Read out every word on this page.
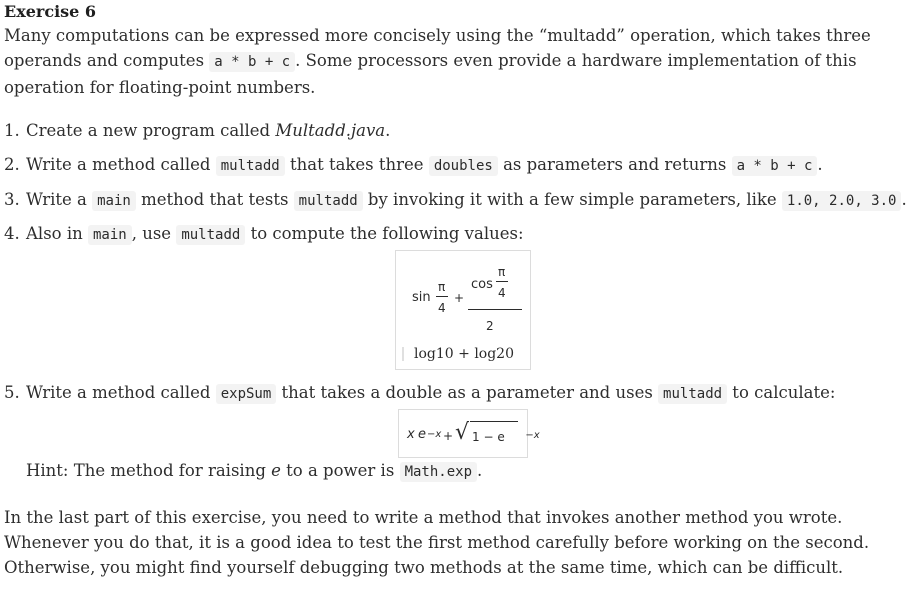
Exercise 6
Many computations can be expressed more concisely using the “multadd” operation, which takes three operands and computes a * b + c . Some processors even provide a hardware implementation of this operation for floating-point numbers.
1. Create a new program called Multadd.java.
2. Write a method called multadd that takes three doubles as parameters and returns a * b + c .
3. Write a main method that tests multadd by invoking it with a few simple parameters, like 1.0, 2.0, 3.0 .
4. Also in main , use multadd to compute the following values:
sin
π
4
+
π
4
cos
2
log10 + log20
5. Write a method called expSum that takes a double as a parameter and uses multadd to calculate:
x e $_{-x}$ + √ 1 − e $_{-x}$
Hint: The method for raising e to a power is Math.exp .
In the last part of this exercise, you need to write a method that invokes another method you wrote. Whenever you do that, it is a good idea to test the first method carefully before working on the second. Otherwise, you might find yourself debugging two methods at the same time, which can be difficult.
